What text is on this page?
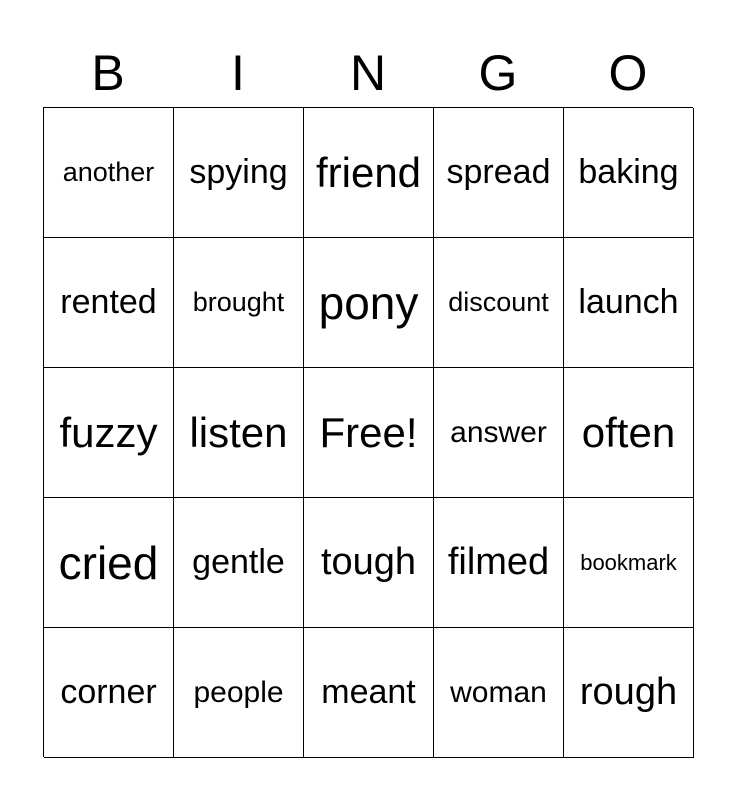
B	I	N	G	O
another	spying friend spread baking
rented	brought pony	discount launch
fuzzy listen Free!	answer often
cried gentle tough filmed	bookmark
corner	people	meant	woman rough
